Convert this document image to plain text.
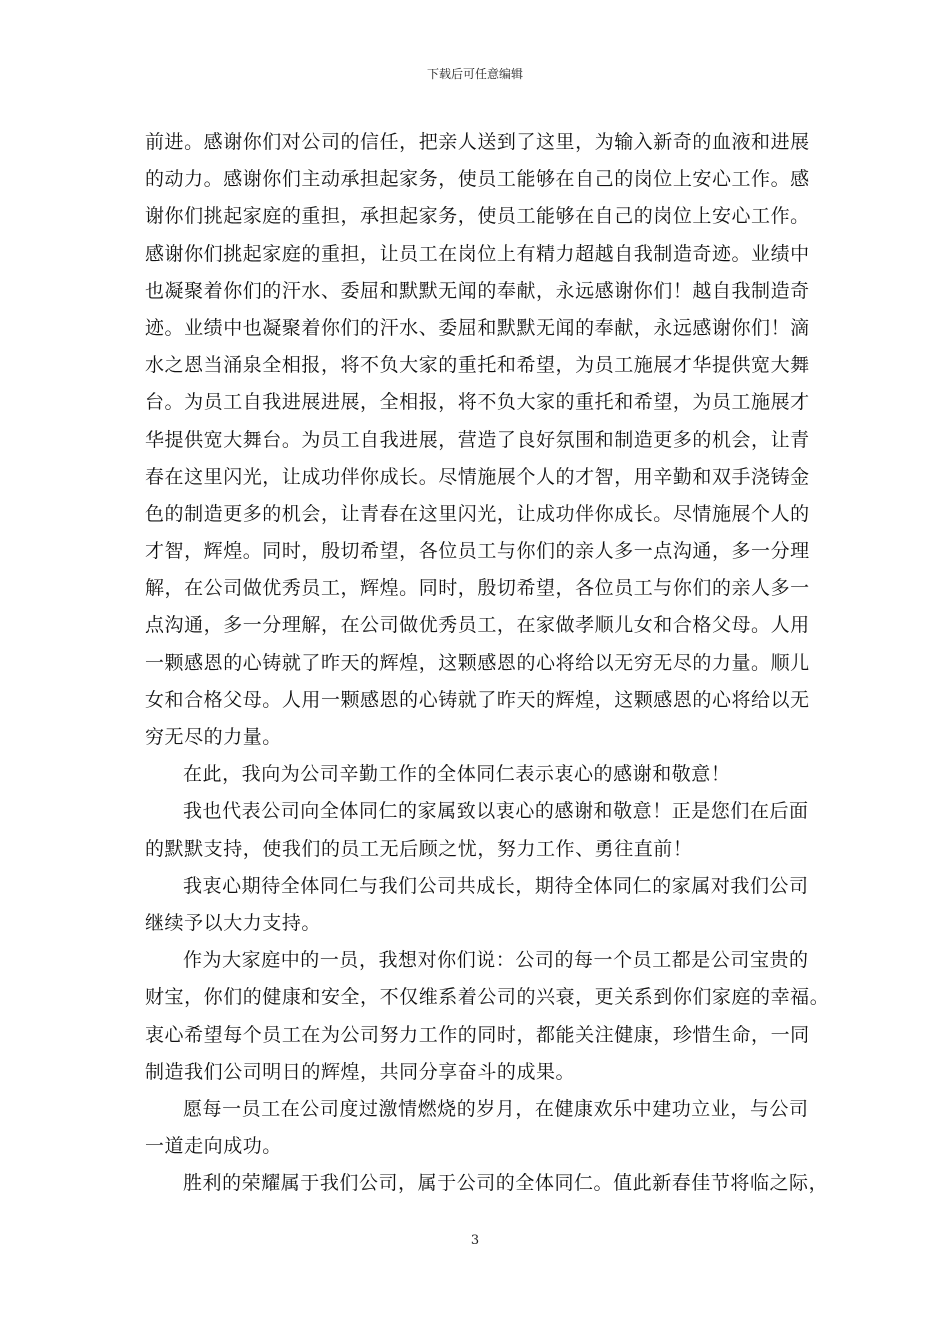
下载后可任意编辑
前进。感谢你们对公司的信任，把亲人送到了这里，为输入新奇的血液和进展
的动力。感谢你们主动承担起家务，使员工能够在自己的岗位上安心工作。感
谢你们挑起家庭的重担，承担起家务，使员工能够在自己的岗位上安心工作。
感谢你们挑起家庭的重担，让员工在岗位上有精力超越自我制造奇迹。业绩中
也凝聚着你们的汗水、委屈和默默无闻的奉献，永远感谢你们！越自我制造奇
迹。业绩中也凝聚着你们的汗水、委屈和默默无闻的奉献，永远感谢你们！滴
水之恩当涌泉全相报，将不负大家的重托和希望，为员工施展才华提供宽大舞
台。为员工自我进展进展，全相报，将不负大家的重托和希望，为员工施展才
华提供宽大舞台。为员工自我进展，营造了良好氛围和制造更多的机会，让青
春在这里闪光，让成功伴你成长。尽情施展个人的才智，用辛勤和双手浇铸金
色的制造更多的机会，让青春在这里闪光，让成功伴你成长。尽情施展个人的
才智，辉煌。同时，殷切希望，各位员工与你们的亲人多一点沟通，多一分理
解，在公司做优秀员工，辉煌。同时，殷切希望，各位员工与你们的亲人多一
点沟通，多一分理解，在公司做优秀员工，在家做孝顺儿女和合格父母。人用
一颗感恩的心铸就了昨天的辉煌，这颗感恩的心将给以无穷无尽的力量。顺儿
女和合格父母。人用一颗感恩的心铸就了昨天的辉煌，这颗感恩的心将给以无
穷无尽的力量。
在此，我向为公司辛勤工作的全体同仁表示衷心的感谢和敬意！
我也代表公司向全体同仁的家属致以衷心的感谢和敬意！正是您们在后面
的默默支持，使我们的员工无后顾之忧，努力工作、勇往直前！
我衷心期待全体同仁与我们公司共成长，期待全体同仁的家属对我们公司
继续予以大力支持。
作为大家庭中的一员，我想对你们说：公司的每一个员工都是公司宝贵的
财宝，你们的健康和安全，不仅维系着公司的兴衰，更关系到你们家庭的幸福。
衷心希望每个员工在为公司努力工作的同时，都能关注健康，珍惜生命，一同
制造我们公司明日的辉煌，共同分享奋斗的成果。
愿每一员工在公司度过激情燃烧的岁月，在健康欢乐中建功立业，与公司
一道走向成功。
胜利的荣耀属于我们公司，属于公司的全体同仁。值此新春佳节将临之际，
3
